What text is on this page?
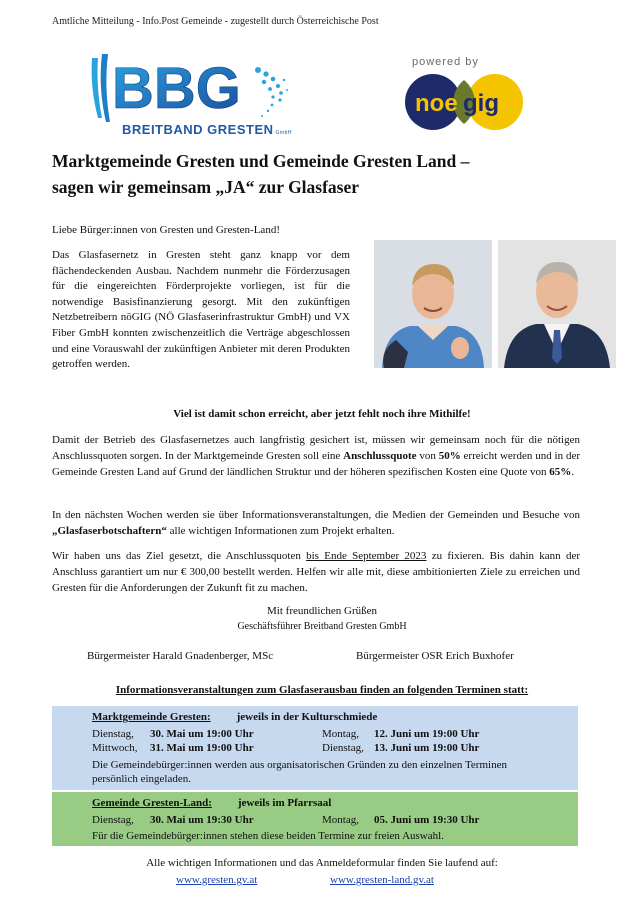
Amtliche Mitteilung - Info.Post Gemeinde - zugestellt durch Österreichische Post
BBG
BREITBAND GRESTEN GmbH
powered by
noe gig
Marktgemeinde Gresten und Gemeinde Gresten Land –
sagen wir gemeinsam „JA“ zur Glasfaser
Liebe Bürger:innen von Gresten und Gresten-Land!
Das Glasfasernetz in Gresten steht ganz knapp vor dem flächendeckenden Ausbau. Nachdem nunmehr die Förderzusagen für die eingereichten Förderprojekte vorliegen, ist für die notwendige Basisfinanzierung gesorgt. Mit den zukünftigen Netzbetreibern nöGIG (NÖ Glasfaserinfrastruktur GmbH) und VX Fiber GmbH konnten zwischenzeitlich die Verträge abgeschlossen und eine Vorauswahl der zukünftigen Anbieter mit deren Produkten getroffen werden.
Viel ist damit schon erreicht, aber jetzt fehlt noch ihre Mithilfe!
Damit der Betrieb des Glasfasernetzes auch langfristig gesichert ist, müssen wir gemeinsam noch für die nötigen Anschlussquoten sorgen. In der Marktgemeinde Gresten soll eine Anschlussquote von 50% erreicht werden und in der Gemeinde Gresten Land auf Grund der ländlichen Struktur und der höheren spezifischen Kosten eine Quote von 65%.
In den nächsten Wochen werden sie über Informationsveranstaltungen, die Medien der Gemeinden und Besuche von „Glasfaserbotschaftern“ alle wichtigen Informationen zum Projekt erhalten.
Wir haben uns das Ziel gesetzt, die Anschlussquoten bis Ende September 2023 zu fixieren. Bis dahin kann der Anschluss garantiert um nur € 300,00 bestellt werden. Helfen wir alle mit, diese ambitionierten Ziele zu erreichen und Gresten für die Anforderungen der Zukunft fit zu machen.
Mit freundlichen Grüßen
Geschäftsführer Breitband Gresten GmbH
Bürgermeister Harald Gnadenberger, MSc	Bürgermeister OSR Erich Buxhofer
Informationsveranstaltungen zum Glasfaserausbau finden an folgenden Terminen statt:
Marktgemeinde Gresten: jeweils in der Kulturschmiede
Dienstag, 30. Mai um 19:00 Uhr	Montag, 12. Juni um 19:00 Uhr
Mittwoch, 31. Mai um 19:00 Uhr	Dienstag, 13. Juni um 19:00 Uhr
Die Gemeindebürger:innen werden aus organisatorischen Gründen zu den einzelnen Terminen persönlich eingeladen.
Gemeinde Gresten-Land: jeweils im Pfarrsaal
Dienstag, 30. Mai um 19:30 Uhr	Montag, 05. Juni um 19:30 Uhr
Für die Gemeindebürger:innen stehen diese beiden Termine zur freien Auswahl.
Alle wichtigen Informationen und das Anmeldeformular finden Sie laufend auf:
www.gresten.gv.at	www.gresten-land.gv.at
